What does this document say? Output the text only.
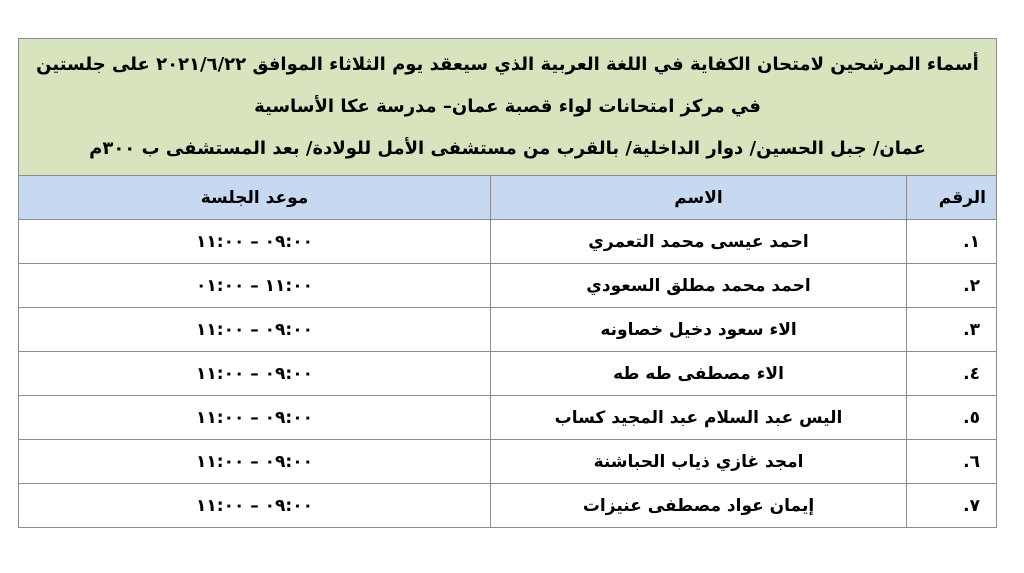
أسماء المرشحين لامتحان الكفاية في اللغة العربية الذي سيعقد يوم الثلاثاء الموافق ٢٠٢١/٦/٢٢ على جلستين
في مركز امتحانات لواء قصبة عمان– مدرسة عكا الأساسية
عمان/ جبل الحسين/ دوار الداخلية/ بالقرب من مستشفى الأمل للولادة/ بعد المستشفى ب ٣٠٠م		

الرقم	الاسم	موعد الجلسة
١.	احمد عيسى محمد التعمري	٠٩:٠٠ – ١١:٠٠
٢.	احمد محمد مطلق السعودي	١١:٠٠ – ٠١:٠٠
٣.	الاء سعود دخيل خصاونه	٠٩:٠٠ – ١١:٠٠
٤.	الاء مصطفى طه طه	٠٩:٠٠ – ١١:٠٠
٥.	اليس عبد السلام عبد المجيد كساب	٠٩:٠٠ – ١١:٠٠
٦.	امجد غازي ذياب الحباشنة	٠٩:٠٠ – ١١:٠٠
٧.	إيمان عواد مصطفى عنيزات	٠٩:٠٠ – ١١:٠٠
